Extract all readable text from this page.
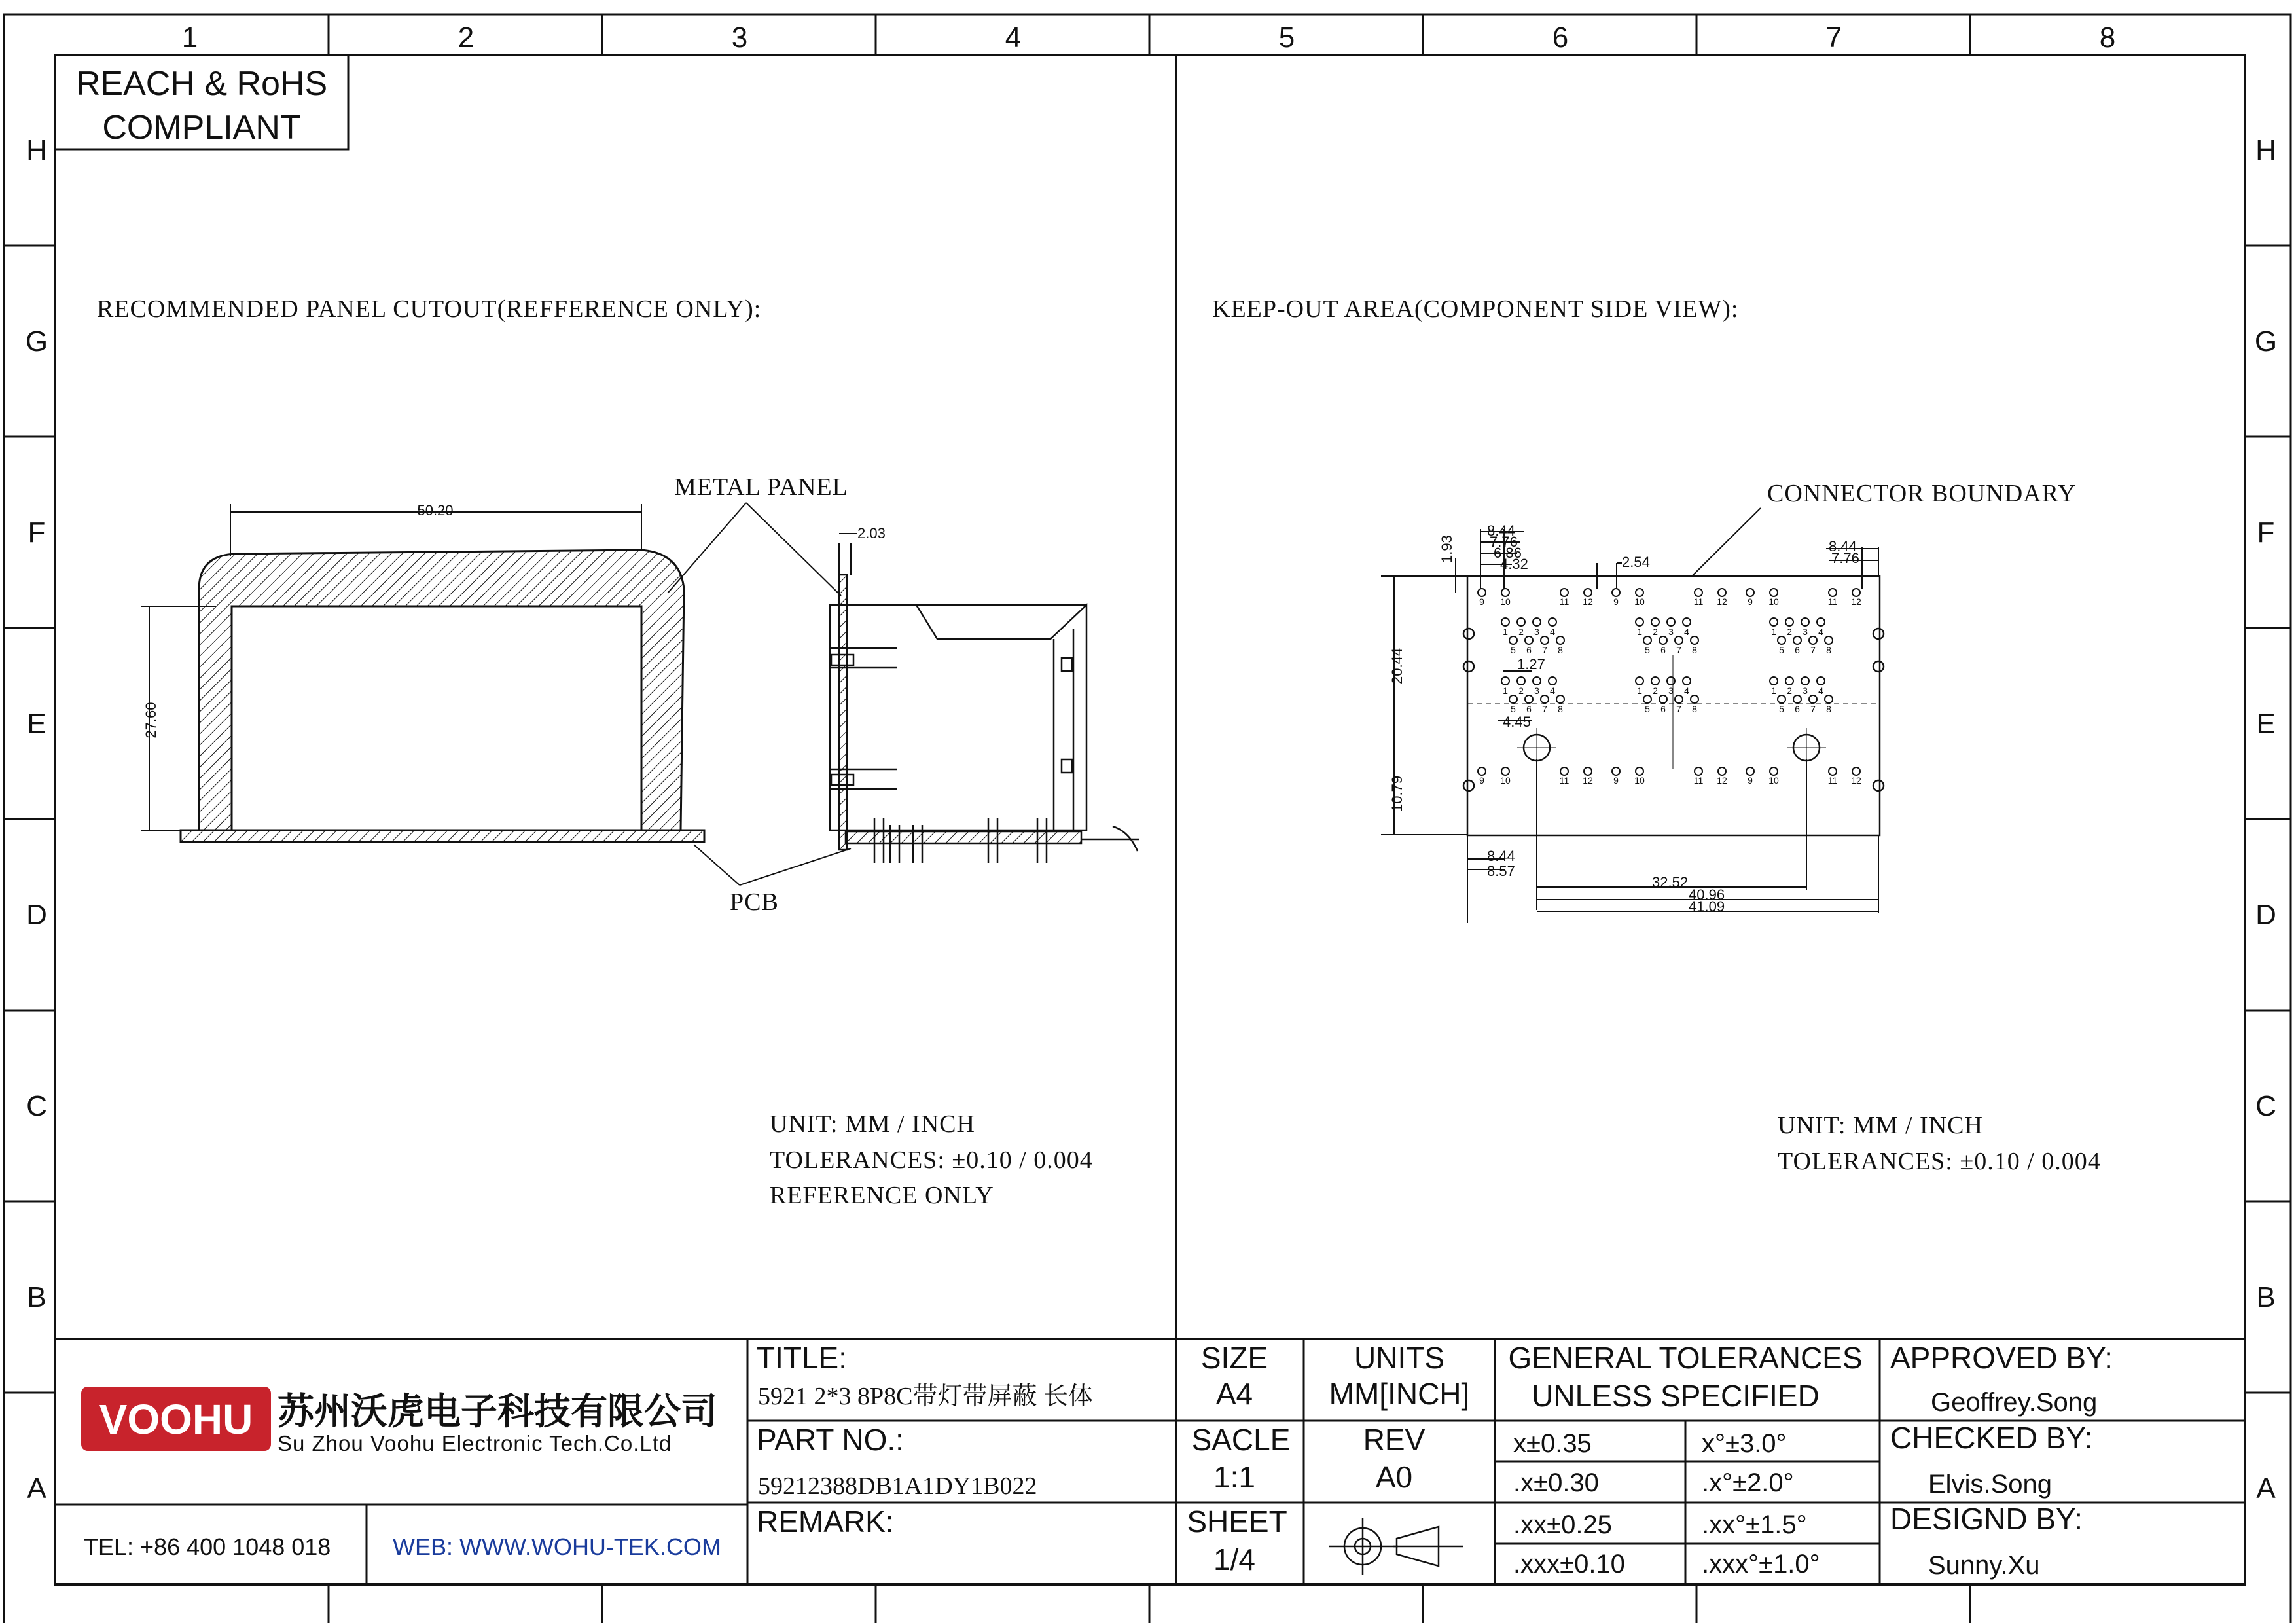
1	2	3	4	5	6	7	8
H
G
F
E
D
C
B
A
H
G
F
E
D
C
B
A
REACH & RoHS
COMPLIANT
RECOMMENDED PANEL CUTOUT(REFFERENCE ONLY):
50.20
27.60
METAL PANEL
PCB
2.03
UNIT: MM / INCH
TOLERANCES: ±0.10 / 0.004
REFERENCE ONLY
KEEP-OUT AREA(COMPONENT SIDE VIEW):
CONNECTOR BOUNDARY
9 10	11 12
1 2 3 4
5 6 7 8
1 2 3 4
5 6 7 8
9 10	11 12
9 10	11 12
1 2 3 4
5 6 7 8
1 2 3 4
5 6 7 8
9 10	11 12
9 10	11 12
1 2 3 4
5 6 7 8
1 2 3 4
5 6 7 8
9 10	11 12
8.44
7.76
6.86
4.32
1.93	2.54
8.44
7.76
20.44	1.27
4.45
10.79
8.44
8.57
32.52
40.96
41.09
UNIT: MM / INCH
TOLERANCES: ±0.10 / 0.004
VOOHU 苏州沃虎电子科技有限公司
Su Zhou Voohu Electronic Tech.Co.Ltd
TEL: +86 400 1048 018	WEB: WWW.WOHU-TEK.COM
TITLE:
5921 2*3 8P8C带灯带屏蔽 长体
PART NO.:
59212388DB1A1DY1B022
REMARK:
SIZE
A4
UNITS
MM[INCH]
SACLE
1:1
REV
A0
SHEET
1/4
GENERAL TOLERANCES
UNLESS SPECIFIED
x±0.35	x°±3.0°
.x±0.30	.x°±2.0°
.xx±0.25	.xx°±1.5°
.xxx±0.10	.xxx°±1.0°
APPROVED BY:
Geoffrey.Song
CHECKED BY:
Elvis.Song
DESIGND BY:
Sunny.Xu
